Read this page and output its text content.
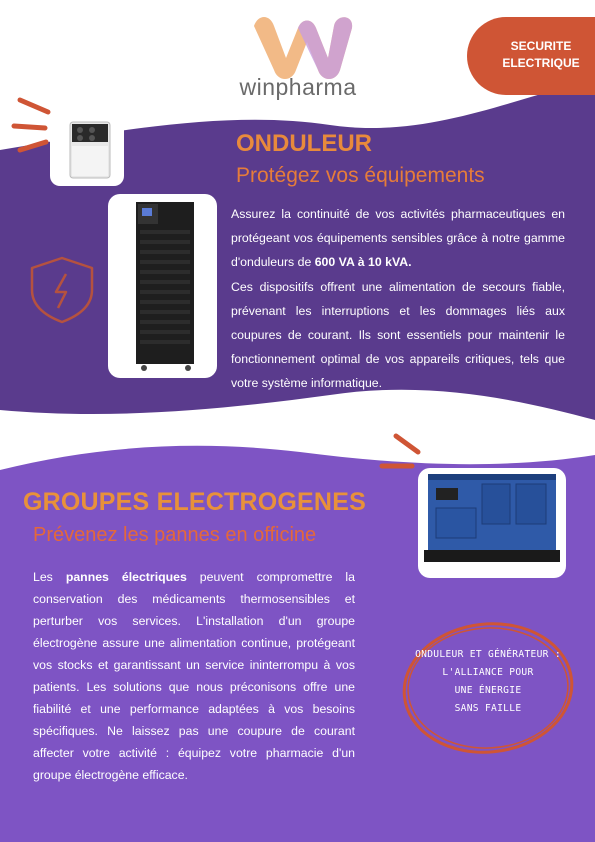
winpharma
SECURITE
ELECTRIQUE
ONDULEUR
Protégez vos équipements

Assurez la continuité de vos activités pharmaceutiques en protégeant vos équipements sensibles grâce à notre gamme d'onduleurs de 600 VA à 10 kVA.

Ces dispositifs offrent une alimentation de secours fiable, prévenant les interruptions et les dommages liés aux coupures de courant. Ils sont essentiels pour maintenir le fonctionnement optimal de vos appareils critiques, tels que votre système informatique.

GROUPES ELECTROGENES
Prévenez les pannes en officine
Les pannes électriques peuvent compromettre la conservation des médicaments thermosensibles et perturber vos services. L'installation d'un groupe électrogène assure une alimentation continue, protégeant vos stocks et garantissant un service ininterrompu à vos patients. Les solutions que nous préconisons offre une fiabilité et une performance adaptées à vos besoins spécifiques. Ne laissez pas une coupure de courant affecter votre activité : équipez votre pharmacie d'un groupe électrogène efficace.
ONDULEUR ET GÉNÉRATEUR :
L'ALLIANCE POUR
UNE ÉNERGIE
SANS FAILLE
